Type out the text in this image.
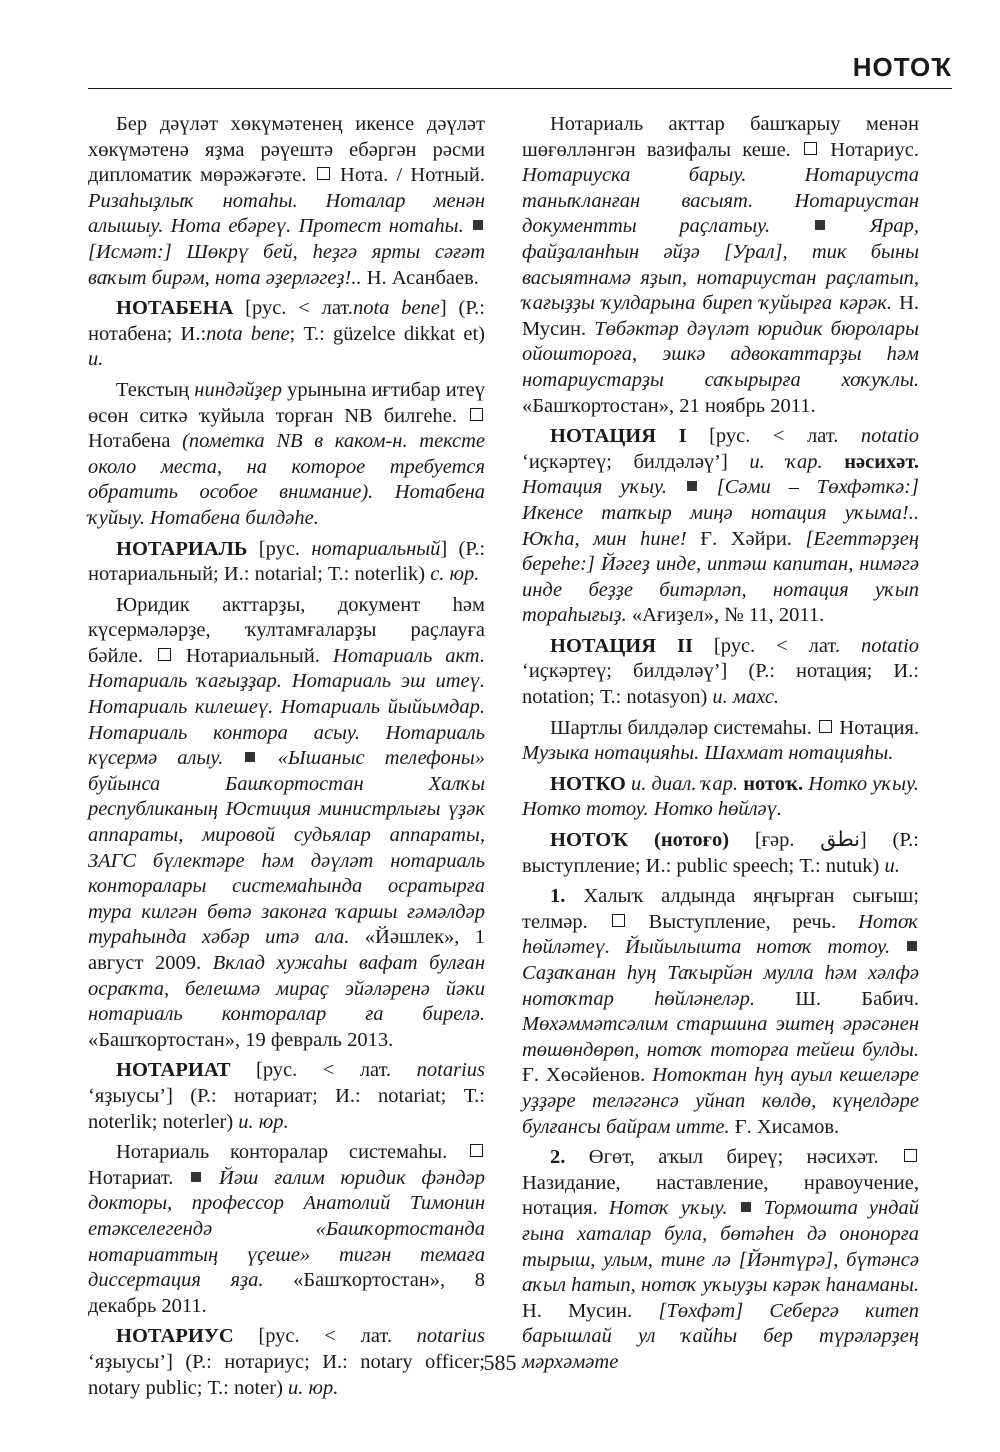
НОТОҠ

Бер дәүләт хөкүмәтенең икенсе дәүләт хөкүмәтенә яҙма рәүештә ебәргән рәсми дипломатик мөрәжәғәте. Нота. / Нотный. Ризаһыҙлыҡ нотаһы. Ноталар менән алышыу. Нота ебәреү. Протест нотаһы.  [Исмәт:] Шөкрү бей, һеҙгә ярты сәғәт ваҡыт бирәм, нота әҙерләгеҙ!.. Н. Асанбаев.

НОТАБЕНА [рус. < лат.nota bene] (Р.: нотабена; И.:nota bene; Т.: güzelce dikkat et) и.

Текстың ниндәйҙер урынына иғтибар итеү өсөн ситкә ҡуйыла торған NB билгеһе.  Нотабена (пометка NB в каком-н. тексте около места, на которое требуется обратить особое внимание). Нотабена ҡуйыу. Нотабена билдәһе.

НОТАРИАЛЬ [рус. нотариальный] (Р.: нотариальный; И.: notarial; Т.: noterlik) с. юр.

Юридик акттарҙы, документ һәм күсермәләрҙе, ҡултамғаларҙы раҫлауға бәйле. Нотариальный. Нотариаль акт. Нотариаль ҡағыҙҙар. Нотариаль эш итеү. Нотариаль килешеү. Нотариаль йыйымдар. Нотариаль контора асыу. Нотариаль күсермә алыу.	«Ышаныс телефоны» буйынса Башҡортостан Халҡы республиканың Юстиция министрлығы үҙәк аппараты, мировой судьялар аппараты, ЗАГС бүлектәре һәм дәүләт нотариаль конторалары системаһында осратырға тура килгән бөтә законға ҡаршы ғәмәлдәр тураһында хәбәр итә ала. «Йәшлек», 1 август 2009. Вклад хужаһы вафат булған осраҡта, белешмә мираҫ эйәләренә йәки нотариаль конторалар ға бирелә. «Башҡортостан», 19 февраль 2013.

НОТАРИАТ [рус. < лат. notarius ‘яҙыусы’] (Р.: нотариат; И.: notariat; Т.: noterlik; noterler) и. юр.

Нотариаль конторалар системаһы.  Нотариат. Йәш ғалим юридик фәндәр докторы, профессор Анатолий Тимонин етәкселегендә «Башҡортостанда нотариаттың үҫеше» тигән темаға диссертация яҙа. «Башҡортостан», 8 декабрь 2011.

НОТАРИУС [рус. < лат. notarius ‘яҙыусы’] (Р.: нотариус; И.: notary officer; notary public; Т.: noter) и. юр.

Нотариаль акттар башҡарыу менән шөғөлләнгән вазифалы кеше. Нотариус. Нотариуска барыу. Нотариуста таныҡланған васыят. Нотариустан документты раҫлатыу.	Ярар, файҙаланһын әйҙә [Урал], тик быны васыятнамә яҙып, нотариустан раҫлатып, ҡағыҙҙы ҡулдарына биреп ҡуйырға кәрәк. Н. Мусин. Төбәктәр дәүләт юридик бюролары ойоштороға, эшкә адвокаттарҙы һәм нотариустарҙы саҡырырға хоҡуҡлы. «Башҡортостан», 21 ноябрь 2011.

НОТАЦИЯ I [рус. < лат. notatio ‘иҫкәртеү; билдәләү’] и. ҡар. нәсихәт. Нотация уҡыу. [Сәми – Төхфәткә:] Икенсе тапҡыр миңә нотация уҡыма!.. Юҡһа, мин һине! Ғ. Хәйри. [Егеттәрҙең береһе:] Йәгеҙ инде, иптәш капитан, нимәгә инде беҙҙе битәрләп, нотация уҡып тораһығыҙ. «Ағиҙел», № 11, 2011.

НОТАЦИЯ II [рус. < лат. notatio ‘иҫкәртеү; билдәләү’] (Р.: нотация; И.: notation; Т.: notasyon) и. махс.

Шартлы билдәләр системаһы. Нотация. Музыка нотацияһы. Шахмат нотацияһы.

НОТКО и. диал. ҡар. нотоҡ. Нотко уҡыу. Нотко тотоу. Нотко һөйләү.

НОТОҠ (нотоғо) [ғәр. نطق] (Р.: выступление; И.: public speech; Т.: nutuk) и.

1. Халыҡ алдында яңғырған сығыш; телмәр.	Выступление, речь. Нотоҡ һөйләтеү. Йыйылышта нотоҡ тотоу.  Саҙаҡанан һуң Таҡырйән мулла һәм хәлфә нотоҡтар һөйләнеләр. Ш. Бабич. Мөхәммәтсәлим старшина эштең әрәсәнен төшөндөрөп, нотоҡ тоторға тейеш булды. Ғ. Хөсәйенов. Нотоктан һуң ауыл кешеләре уҙҙәре теләгәнсә уйнап көлдө, күңелдәре булғансы байрам итте. Ғ. Хисамов.

2. Өгөт, аҡыл биреү; нәсихәт.  Назидание, наставление, нравоучение, нотация. Нотоҡ уҡыу. Тормошта ундай ғына хаталар була, бөтәһен дә ононорға тырыш, улым, тине лә [Йәнтүрә], бүтәнсә аҡыл һатып, нотоҡ уҡыуҙы кәрәк һанаманы. Н. Мусин. [Төхфәт] Себергә китеп барышлай ул ҡайһы бер түрәләрҙең мәрхәмәте

585
